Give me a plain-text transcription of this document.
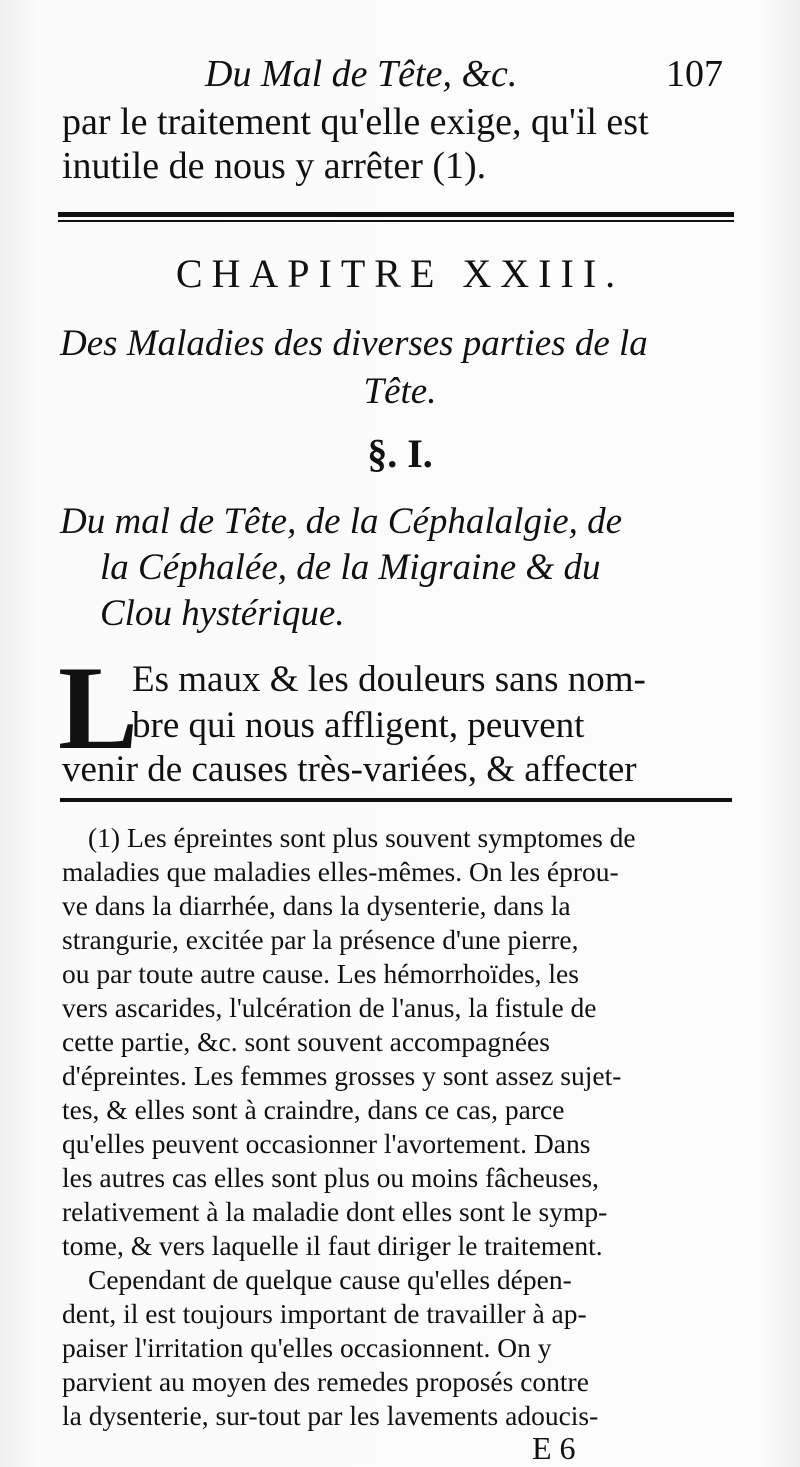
Du Mal de Tête, &c.	107
par le traitement qu'elle exige, qu'il est
inutile de nous y arrêter (1).
CHAPITRE XXIII.
Des Maladies des diverses parties de la
Tête.
§. I.
Du mal de Tête, de la Céphalalgie, de
la Céphalée, de la Migraine & du
Clou hystérique.
L
Es maux & les douleurs sans nom-
bre qui nous affligent, peuvent
venir de causes très-variées, & affecter
(1) Les épreintes sont plus souvent symptomes de
maladies que maladies elles-mêmes. On les éprou-
ve dans la diarrhée, dans la dysenterie, dans la
strangurie, excitée par la présence d'une pierre,
ou par toute autre cause. Les hémorrhoïdes, les
vers ascarides, l'ulcération de l'anus, la fistule de
cette partie, &c. sont souvent accompagnées
d'épreintes. Les femmes grosses y sont assez sujet-
tes, & elles sont à craindre, dans ce cas, parce
qu'elles peuvent occasionner l'avortement. Dans
les autres cas elles sont plus ou moins fâcheuses,
relativement à la maladie dont elles sont le symp-
tome, & vers laquelle il faut diriger le traitement.
Cependant de quelque cause qu'elles dépen-
dent, il est toujours important de travailler à ap-
paiser l'irritation qu'elles occasionnent. On y
parvient au moyen des remedes proposés contre
la dysenterie, sur-tout par les lavements adoucis-
E 6
